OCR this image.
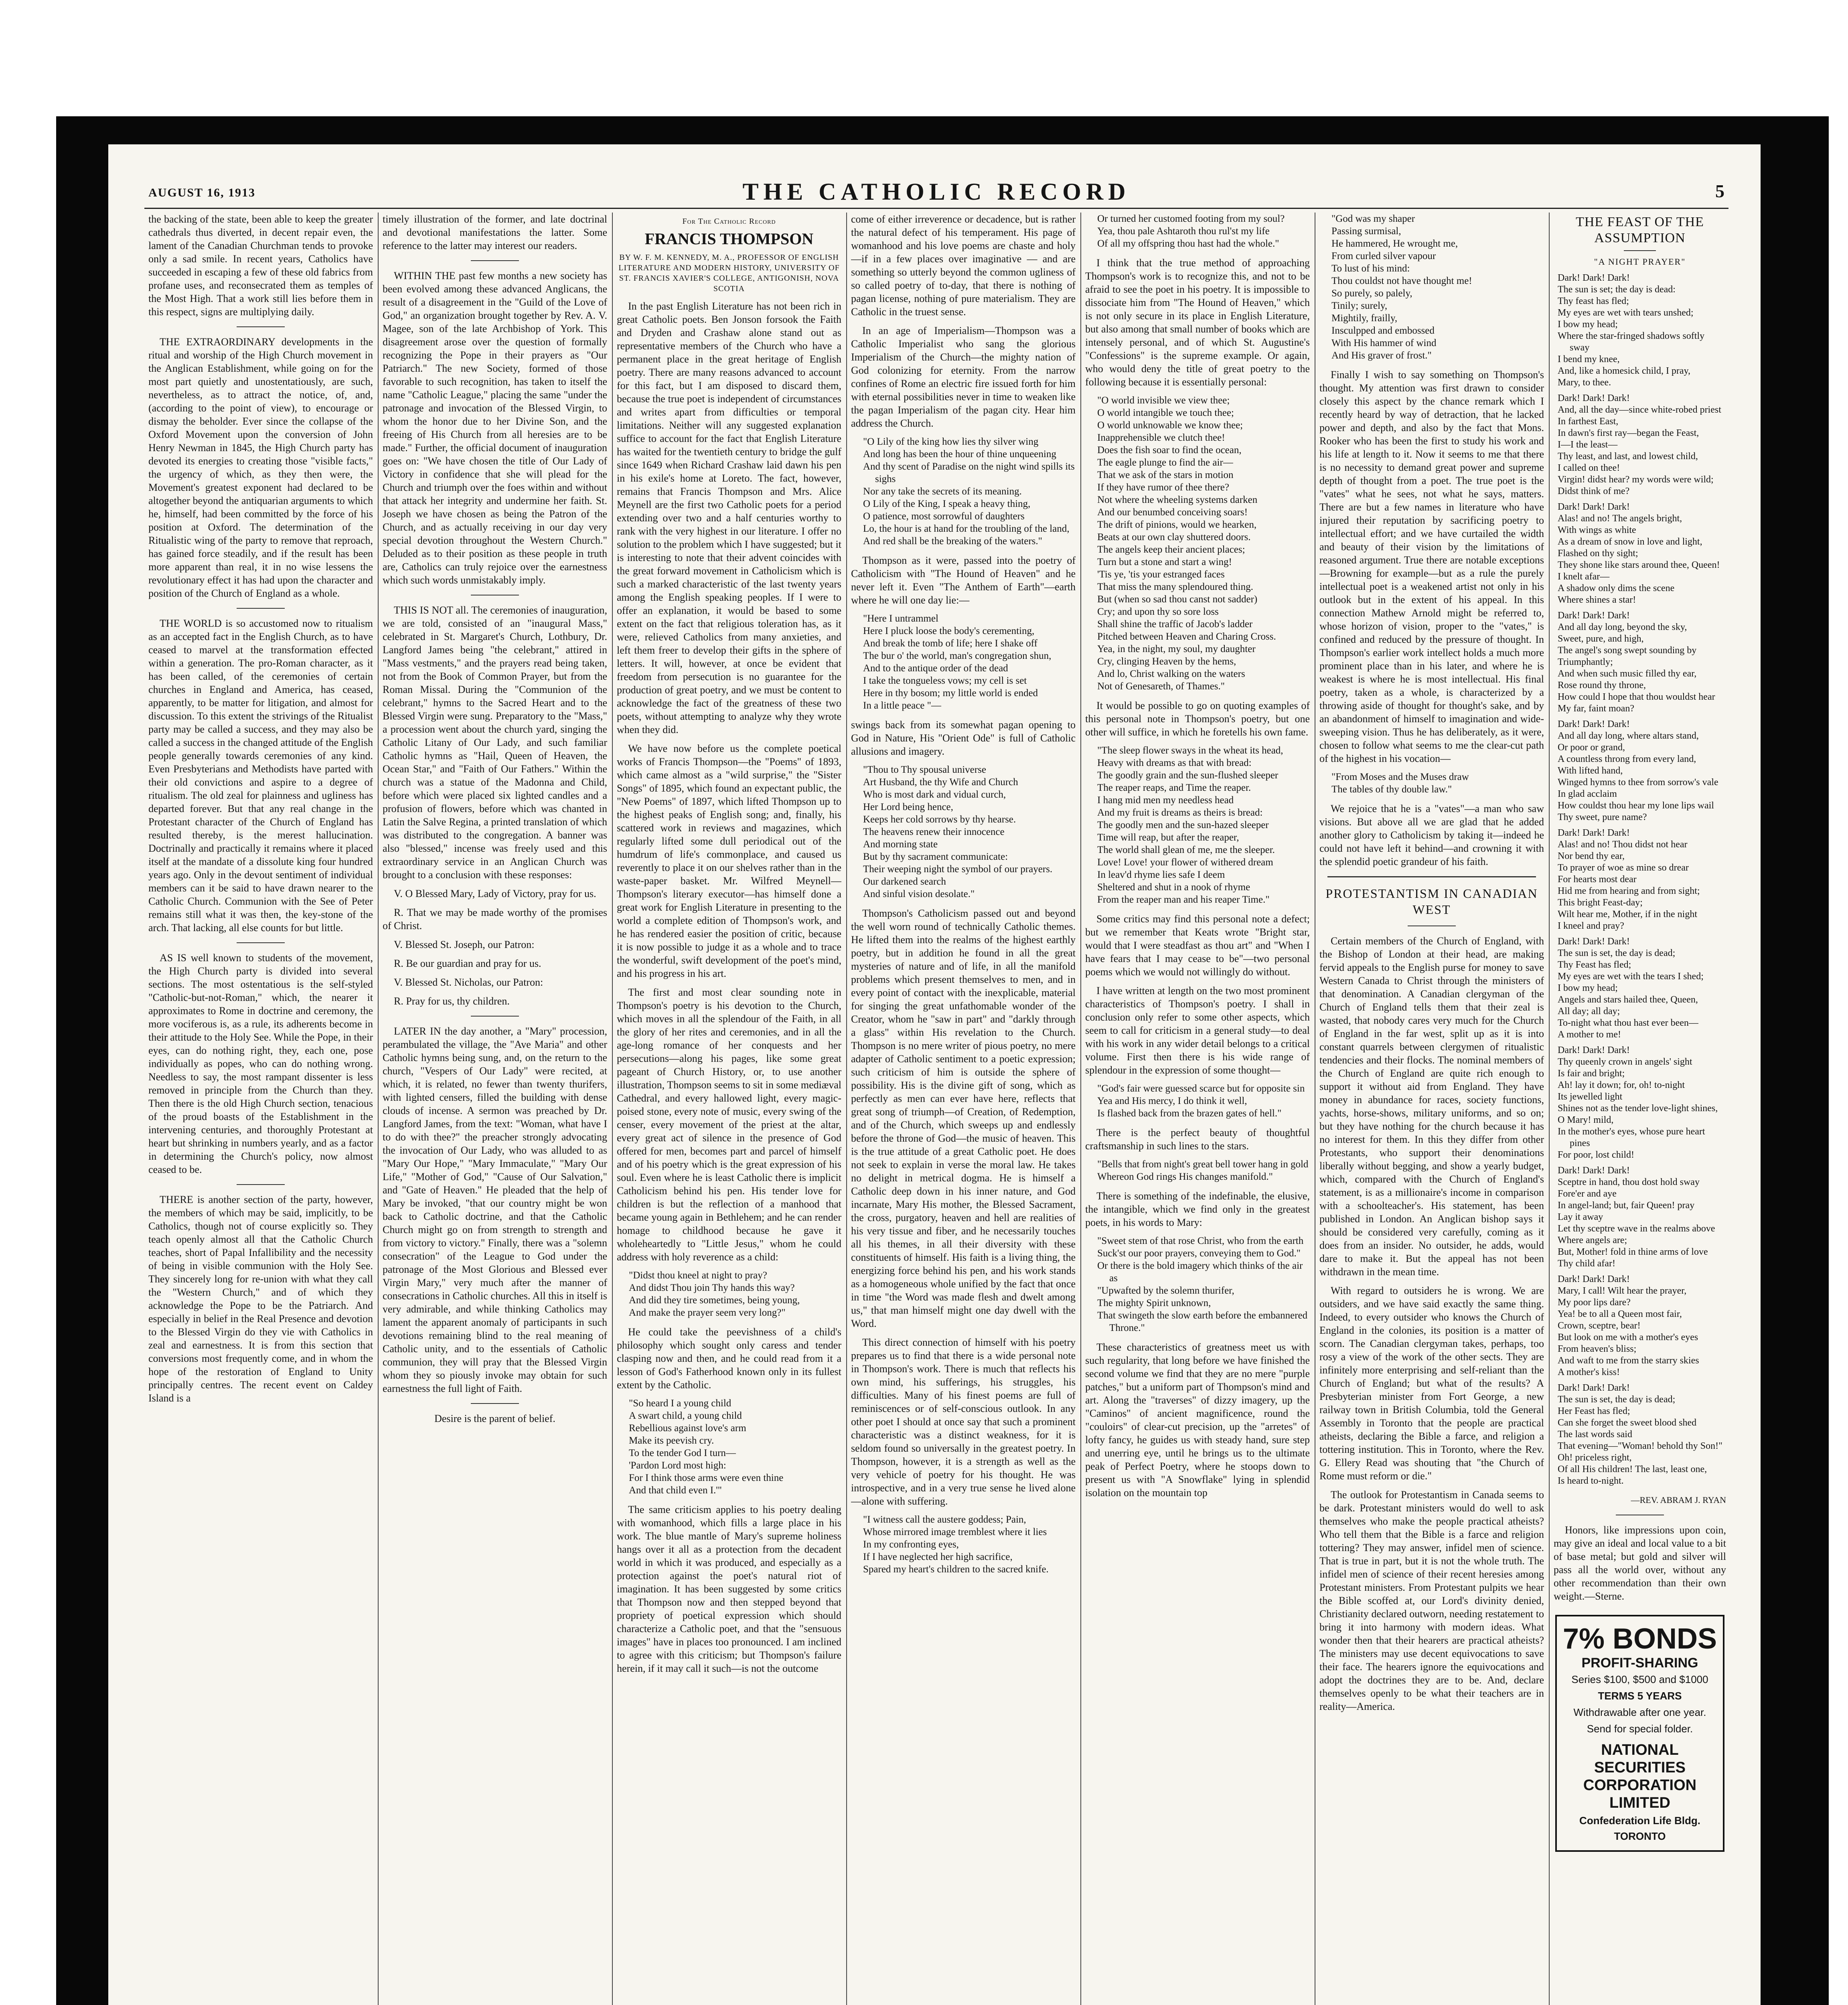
AUGUST 16, 1913	THE CATHOLIC RECORD	5

the backing of the state, been able to keep the greater cathedrals thus diverted, in decent repair even, the lament of the Canadian Churchman tends to provoke only a sad smile. In recent years, Catholics have succeeded in escaping a few of these old fabrics from profane uses, and reconsecrated them as temples of the Most High. That a work still lies before them in this respect, signs are multiplying daily.

THE EXTRAORDINARY developments in the ritual and worship of the High Church movement in the Anglican Establishment, while going on for the most part quietly and unostentatiously, are such, nevertheless, as to attract the notice, of, and, (according to the point of view), to encourage or dismay the beholder. Ever since the collapse of the Oxford Movement upon the conversion of John Henry Newman in 1845, the High Church party has devoted its energies to creating those "visible facts," the urgency of which, as they then were, the Movement's greatest exponent had declared to be altogether beyond the antiquarian arguments to which he, himself, had been committed by the force of his position at Oxford. The determination of the Ritualistic wing of the party to remove that reproach, has gained force steadily, and if the result has been more apparent than real, it in no wise lessens the revolutionary effect it has had upon the character and position of the Church of England as a whole.

THE WORLD is so accustomed now to ritualism as an accepted fact in the English Church, as to have ceased to marvel at the transformation effected within a generation. The pro-Roman character, as it has been called, of the ceremonies of certain churches in England and America, has ceased, apparently, to be matter for litigation, and almost for discussion. To this extent the strivings of the Ritualist party may be called a success, and they may also be called a success in the changed attitude of the English people generally towards ceremonies of any kind. Even Presbyterians and Methodists have parted with their old convictions and aspire to a degree of ritualism. The old zeal for plainness and ugliness has departed forever. But that any real change in the Protestant character of the Church of England has resulted thereby, is the merest hallucination. Doctrinally and practically it remains where it placed itself at the mandate of a dissolute king four hundred years ago. Only in the devout sentiment of individual members can it be said to have drawn nearer to the Catholic Church. Communion with the See of Peter remains still what it was then, the key-stone of the arch. That lacking, all else counts for but little.

AS IS well known to students of the movement, the High Church party is divided into several sections. The most ostentatious is the self-styled "Catholic-but-not-Roman," which, the nearer it approximates to Rome in doctrine and ceremony, the more vociferous is, as a rule, its adherents become in their attitude to the Holy See. While the Pope, in their eyes, can do nothing right, they, each one, pose individually as popes, who can do nothing wrong. Needless to say, the most rampant dissenter is less removed in principle from the Church than they. Then there is the old High Church section, tenacious of the proud boasts of the Establishment in the intervening centuries, and thoroughly Protestant at heart but shrinking in numbers yearly, and as a factor in determining the Church's policy, now almost ceased to be.

THERE is another section of the party, however, the members of which may be said, implicitly, to be Catholics, though not of course explicitly so. They teach openly almost all that the Catholic Church teaches, short of Papal Infallibility and the necessity of being in visible communion with the Holy See. They sincerely long for re-union with what they call the "Western Church," and of which they acknowledge the Pope to be the Patriarch. And especially in belief in the Real Presence and devotion to the Blessed Virgin do they vie with Catholics in zeal and earnestness. It is from this section that conversions most frequently come, and in whom the hope of the restoration of England to Unity principally centres. The recent event on Caldey Island is a

timely illustration of the former, and late doctrinal and devotional manifestations the latter. Some reference to the latter may interest our readers.

WITHIN THE past few months a new society has been evolved among these advanced Anglicans, the result of a disagreement in the "Guild of the Love of God," an organization brought together by Rev. A. V. Magee, son of the late Archbishop of York. This disagreement arose over the question of formally recognizing the Pope in their prayers as "Our Patriarch." The new Society, formed of those favorable to such recognition, has taken to itself the name "Catholic League," placing the same "under the patronage and invocation of the Blessed Virgin, to whom the honor due to her Divine Son, and the freeing of His Church from all heresies are to be made." Further, the official document of inauguration goes on: "We have chosen the title of Our Lady of Victory in confidence that she will plead for the Church and triumph over the foes within and without that attack her integrity and undermine her faith. St. Joseph we have chosen as being the Patron of the Church, and as actually receiving in our day very special devotion throughout the Western Church." Deluded as to their position as these people in truth are, Catholics can truly rejoice over the earnestness which such words unmistakably imply.

THIS IS NOT all. The ceremonies of inauguration, we are told, consisted of an "inaugural Mass," celebrated in St. Margaret's Church, Lothbury, Dr. Langford James being "the celebrant," attired in "Mass vestments," and the prayers read being taken, not from the Book of Common Prayer, but from the Roman Missal. During the "Communion of the celebrant," hymns to the Sacred Heart and to the Blessed Virgin were sung. Preparatory to the "Mass," a procession went about the church yard, singing the Catholic Litany of Our Lady, and such familiar Catholic hymns as "Hail, Queen of Heaven, the Ocean Star," and "Faith of Our Fathers." Within the church was a statue of the Madonna and Child, before which were placed six lighted candles and a profusion of flowers, before which was chanted in Latin the Salve Regina, a printed translation of which was distributed to the congregation. A banner was also "blessed," incense was freely used and this extraordinary service in an Anglican Church was brought to a conclusion with these responses:

V. O Blessed Mary, Lady of Victory, pray for us.

R. That we may be made worthy of the promises of Christ.

V. Blessed St. Joseph, our Patron:

R. Be our guardian and pray for us.

V. Blessed St. Nicholas, our Patron:

R. Pray for us, thy children.

LATER IN the day another, a "Mary" procession, perambulated the village, the "Ave Maria" and other Catholic hymns being sung, and, on the return to the church, "Vespers of Our Lady" were recited, at which, it is related, no fewer than twenty thurifers, with lighted censers, filled the building with dense clouds of incense. A sermon was preached by Dr. Langford James, from the text: "Woman, what have I to do with thee?" the preacher strongly advocating the invocation of Our Lady, who was alluded to as "Mary Our Hope," "Mary Immaculate," "Mary Our Life," "Mother of God," "Cause of Our Salvation," and "Gate of Heaven." He pleaded that the help of Mary be invoked, "that our country might be won back to Catholic doctrine, and that the Catholic Church might go on from strength to strength and from victory to victory." Finally, there was a "solemn consecration" of the League to God under the patronage of the Most Glorious and Blessed ever Virgin Mary," very much after the manner of consecrations in Catholic churches. All this in itself is very admirable, and while thinking Catholics may lament the apparent anomaly of participants in such devotions remaining blind to the real meaning of Catholic unity, and to the essentials of Catholic communion, they will pray that the Blessed Virgin whom they so piously invoke may obtain for such earnestness the full light of Faith.

Desire is the parent of belief.

For The Catholic Record
FRANCIS THOMPSON
BY W. F. M. KENNEDY, M. A., PROFESSOR OF ENGLISH LITERATURE AND MODERN HISTORY, UNIVERSITY OF ST. FRANCIS XAVIER'S COLLEGE, ANTIGONISH, NOVA SCOTIA

In the past English Literature has not been rich in great Catholic poets. Ben Jonson forsook the Faith and Dryden and Crashaw alone stand out as representative members of the Church who have a permanent place in the great heritage of English poetry. There are many reasons advanced to account for this fact, but I am disposed to discard them, because the true poet is independent of circumstances and writes apart from difficulties or temporal limitations. Neither will any suggested explanation suffice to account for the fact that English Literature has waited for the twentieth century to bridge the gulf since 1649 when Richard Crashaw laid dawn his pen in his exile's home at Loreto. The fact, however, remains that Francis Thompson and Mrs. Alice Meynell are the first two Catholic poets for a period extending over two and a half centuries worthy to rank with the very highest in our literature. I offer no solution to the problem which I have suggested; but it is interesting to note that their advent coincides with the great forward movement in Catholicism which is such a marked characteristic of the last twenty years among the English speaking peoples. If I were to offer an explanation, it would be based to some extent on the fact that religious toleration has, as it were, relieved Catholics from many anxieties, and left them freer to develop their gifts in the sphere of letters. It will, however, at once be evident that freedom from persecution is no guarantee for the production of great poetry, and we must be content to acknowledge the fact of the greatness of these two poets, without attempting to analyze why they wrote when they did.

We have now before us the complete poetical works of Francis Thompson—the "Poems" of 1893, which came almost as a "wild surprise," the "Sister Songs" of 1895, which found an expectant public, the "New Poems" of 1897, which lifted Thompson up to the highest peaks of English song; and, finally, his scattered work in reviews and magazines, which regularly lifted some dull periodical out of the humdrum of life's commonplace, and caused us reverently to place it on our shelves rather than in the waste-paper basket. Mr. Wilfred Meynell—Thompson's literary executor—has himself done a great work for English Literature in presenting to the world a complete edition of Thompson's work, and he has rendered easier the position of critic, because it is now possible to judge it as a whole and to trace the wonderful, swift development of the poet's mind, and his progress in his art.

The first and most clear sounding note in Thompson's poetry is his devotion to the Church, which moves in all the splendour of the Faith, in all the glory of her rites and ceremonies, and in all the age-long romance of her conquests and her persecutions—along his pages, like some great pageant of Church History, or, to use another illustration, Thompson seems to sit in some mediæval Cathedral, and every hallowed light, every magic-poised stone, every note of music, every swing of the censer, every movement of the priest at the altar, every great act of silence in the presence of God offered for men, becomes part and parcel of himself and of his poetry which is the great expression of his soul. Even where he is least Catholic there is implicit Catholicism behind his pen. His tender love for children is but the reflection of a manhood that became young again in Bethlehem; and he can render homage to childhood because he gave it wholeheartedly to "Little Jesus," whom he could address with holy reverence as a child:

"Didst thou kneel at night to pray?
And didst Thou join Thy hands this way?
And did they tire sometimes, being young,
And make the prayer seem very long?"

He could take the peevishness of a child's philosophy which sought only caress and tender clasping now and then, and he could read from it a lesson of God's Fatherhood known only in its fullest extent by the Catholic.

"So heard I a young child
A swart child, a young child
Rebellious against love's arm
Make its peevish cry.
To the tender God I turn—
'Pardon Lord most high:
For I think those arms were even thine
And that child even I.'"

The same criticism applies to his poetry dealing with womanhood, which fills a large place in his work. The blue mantle of Mary's supreme holiness hangs over it all as a protection from the decadent world in which it was produced, and especially as a protection against the poet's natural riot of imagination. It has been suggested by some critics that Thompson now and then stepped beyond that propriety of poetical expression which should characterize a Catholic poet, and that the "sensuous images" have in places too pronounced. I am inclined to agree with this criticism; but Thompson's failure herein, if it may call it such—is not the outcome

come of either irreverence or decadence, but is rather the natural defect of his temperament. His page of womanhood and his love poems are chaste and holy—if in a few places over imaginative — and are something so utterly beyond the common ugliness of so called poetry of to-day, that there is nothing of pagan license, nothing of pure materialism. They are Catholic in the truest sense.

In an age of Imperialism—Thompson was a Catholic Imperialist who sang the glorious Imperialism of the Church—the mighty nation of God colonizing for eternity. From the narrow confines of Rome an electric fire issued forth for him with eternal possibilities never in time to weaken like the pagan Imperialism of the pagan city. Hear him address the Church.

"O Lily of the king how lies thy silver wing
And long has been the hour of thine unqueening
And thy scent of Paradise on the night wind spills its sighs
Nor any take the secrets of its meaning.
O Lily of the King, I speak a heavy thing,
O patience, most sorrowful of daughters
Lo, the hour is at hand for the troubling of the land,
And red shall be the breaking of the waters."

Thompson as it were, passed into the poetry of Catholicism with "The Hound of Heaven" and he never left it. Even "The Anthem of Earth"—earth where he will one day lie:—

"Here I untrammel
Here I pluck loose the body's cerementing,
And break the tomb of life; here I shake off
The bur o' the world, man's congregation shun,
And to the antique order of the dead
I take the tongueless vows; my cell is set
Here in thy bosom; my little world is ended
In a little peace "—

swings back from its somewhat pagan opening to God in Nature, His "Orient Ode" is full of Catholic allusions and imagery.

"Thou to Thy spousal universe
Art Husband, the thy Wife and Church
Who is most dark and vidual curch,
Her Lord being hence,
Keeps her cold sorrows by thy hearse.
The heavens renew their innocence
And morning state
But by thy sacrament communicate:
Their weeping night the symbol of our prayers.
Our darkened search
And sinful vision desolate."

Thompson's Catholicism passed out and beyond the well worn round of technically Catholic themes. He lifted them into the realms of the highest earthly poetry, but in addition he found in all the great mysteries of nature and of life, in all the manifold problems which present themselves to men, and in every point of contact with the inexplicable, material for singing the great unfathomable wonder of the Creator, whom he "saw in part" and "darkly through a glass" within His revelation to the Church. Thompson is no mere writer of pious poetry, no mere adapter of Catholic sentiment to a poetic expression; such criticism of him is outside the sphere of possibility. His is the divine gift of song, which as perfectly as men can ever have here, reflects that great song of triumph—of Creation, of Redemption, and of the Church, which sweeps up and endlessly before the throne of God—the music of heaven. This is the true attitude of a great Catholic poet. He does not seek to explain in verse the moral law. He takes no delight in metrical dogma. He is himself a Catholic deep down in his inner nature, and God incarnate, Mary His mother, the Blessed Sacrament, the cross, purgatory, heaven and hell are realities of his very tissue and fiber, and he necessarily touches all his themes, in all their diversity with these constituents of himself. His faith is a living thing, the energizing force behind his pen, and his work stands as a homogeneous whole unified by the fact that once in time "the Word was made flesh and dwelt among us," that man himself might one day dwell with the Word.

This direct connection of himself with his poetry prepares us to find that there is a wide personal note in Thompson's work. There is much that reflects his own mind, his sufferings, his struggles, his difficulties. Many of his finest poems are full of reminiscences or of self-conscious outlook. In any other poet I should at once say that such a prominent characteristic was a distinct weakness, for it is seldom found so universally in the greatest poetry. In Thompson, however, it is a strength as well as the very vehicle of poetry for his thought. He was introspective, and in a very true sense he lived alone—alone with suffering.

"I witness call the austere goddess; Pain,
Whose mirrored image tremblest where it lies
In my confronting eyes,
If I have neglected her high sacrifice,
Spared my heart's children to the sacred knife.
Or turned her customed footing from my soul?
Yea, thou pale Ashtaroth thou rul'st my life
Of all my offspring thou hast had the whole."

I think that the true method of approaching Thompson's work is to recognize this, and not to be afraid to see the poet in his poetry. It is impossible to dissociate him from "The Hound of Heaven," which is not only secure in its place in English Literature, but also among that small number of books which are intensely personal, and of which St. Augustine's "Confessions" is the supreme example. Or again, who would deny the title of great poetry to the following because it is essentially personal:

"O world invisible we view thee;
O world intangible we touch thee;
O world unknowable we know thee;
Inapprehensible we clutch thee!
Does the fish soar to find the ocean,
The eagle plunge to find the air—
That we ask of the stars in motion
If they have rumor of thee there?
Not where the wheeling systems darken
And our benumbed conceiving soars!
The drift of pinions, would we hearken,
Beats at our own clay shuttered doors.
The angels keep their ancient places;
Turn but a stone and start a wing!
'Tis ye, 'tis your estranged faces
That miss the many splendoured thing.
But (when so sad thou canst not sadder)
Cry; and upon thy so sore loss
Shall shine the traffic of Jacob's ladder
Pitched between Heaven and Charing Cross.
Yea, in the night, my soul, my daughter
Cry, clinging Heaven by the hems,
And lo, Christ walking on the waters
Not of Genesareth, of Thames."

It would be possible to go on quoting examples of this personal note in Thompson's poetry, but one other will suffice, in which he foretells his own fame.

"The sleep flower sways in the wheat its head,
Heavy with dreams as that with bread:
The goodly grain and the sun-flushed sleeper
The reaper reaps, and Time the reaper.
I hang mid men my needless head
And my fruit is dreams as theirs is bread:
The goodly men and the sun-hazed sleeper
Time will reap, but after the reaper,
The world shall glean of me, me the sleeper.
Love! Love! your flower of withered dream
In leav'd rhyme lies safe I deem
Sheltered and shut in a nook of rhyme
From the reaper man and his reaper Time."

Some critics may find this personal note a defect; but we remember that Keats wrote "Bright star, would that I were steadfast as thou art" and "When I have fears that I may cease to be"—two personal poems which we would not willingly do without.

I have written at length on the two most prominent characteristics of Thompson's poetry. I shall in conclusion only refer to some other aspects, which seem to call for criticism in a general study—to deal with his work in any wider detail belongs to a critical volume. First then there is his wide range of splendour in the expression of some thought—

"God's fair were guessed scarce but for opposite sin
Yea and His mercy, I do think it well,
Is flashed back from the brazen gates of hell."

There is the perfect beauty of thoughtful craftsmanship in such lines to the stars.

"Bells that from night's great bell tower hang in gold
Whereon God rings His changes manifold."

There is something of the indefinable, the elusive, the intangible, which we find only in the greatest poets, in his words to Mary:

"Sweet stem of that rose Christ, who from the earth
Suck'st our poor prayers, conveying them to God."
Or there is the bold imagery which thinks of the air as
"Upwafted by the solemn thurifer,
The mighty Spirit unknown,
That swingeth the slow earth before the embannered Throne."

These characteristics of greatness meet us with such regularity, that long before we have finished the second volume we find that they are no mere "purple patches," but a uniform part of Thompson's mind and art. Along the "traverses" of dizzy imagery, up the "Caminos" of ancient magnificence, round the "couloirs" of clear-cut precision, up the "arretes" of lofty fancy, he guides us with steady hand, sure step and unerring eye, until he brings us to the ultimate peak of Perfect Poetry, where he stoops down to present us with "A Snowflake" lying in splendid isolation on the mountain top

"God was my shaper
Passing surmisal,
He hammered, He wrought me,
From curled silver vapour
To lust of his mind:
Thou couldst not have thought me!
So purely, so palely,
Tinily; surely,
Mightily, frailly,
Insculpped and embossed
With His hammer of wind
And His graver of frost."

Finally I wish to say something on Thompson's thought. My attention was first drawn to consider closely this aspect by the chance remark which I recently heard by way of detraction, that he lacked power and depth, and also by the fact that Mons. Rooker who has been the first to study his work and his life at length to it. Now it seems to me that there is no necessity to demand great power and supreme depth of thought from a poet. The true poet is the "vates" what he sees, not what he says, matters. There are but a few names in literature who have injured their reputation by sacrificing poetry to intellectual effort; and we have curtailed the width and beauty of their vision by the limitations of reasoned argument. True there are notable exceptions—Browning for example—but as a rule the purely intellectual poet is a weakened artist not only in his outlook but in the extent of his appeal. In this connection Mathew Arnold might be referred to, whose horizon of vision, proper to the "vates," is confined and reduced by the pressure of thought. In Thompson's earlier work intellect holds a much more prominent place than in his later, and where he is weakest is where he is most intellectual. His final poetry, taken as a whole, is characterized by a throwing aside of thought for thought's sake, and by an abandonment of himself to imagination and wide-sweeping vision. Thus he has deliberately, as it were, chosen to follow what seems to me the clear-cut path of the highest in his vocation—

"From Moses and the Muses draw
The tables of thy double law."

We rejoice that he is a "vates"—a man who saw visions. But above all we are glad that he added another glory to Catholicism by taking it—indeed he could not have left it behind—and crowning it with the splendid poetic grandeur of his faith.

PROTESTANTISM IN CANADIAN WEST

Certain members of the Church of England, with the Bishop of London at their head, are making fervid appeals to the English purse for money to save Western Canada to Christ through the ministers of that denomination. A Canadian clergyman of the Church of England tells them that their zeal is wasted, that nobody cares very much for the Church of England in the far west, split up as it is into constant quarrels between clergymen of ritualistic tendencies and their flocks. The nominal members of the Church of England are quite rich enough to support it without aid from England. They have money in abundance for races, society functions, yachts, horse-shows, military uniforms, and so on; but they have nothing for the church because it has no interest for them. In this they differ from other Protestants, who support their denominations liberally without begging, and show a yearly budget, which, compared with the Church of England's statement, is as a millionaire's income in comparison with a schoolteacher's. His statement, has been published in London. An Anglican bishop says it should be considered very carefully, coming as it does from an insider. No outsider, he adds, would dare to make it. But the appeal has not been withdrawn in the mean time.

With regard to outsiders he is wrong. We are outsiders, and we have said exactly the same thing. Indeed, to every outsider who knows the Church of England in the colonies, its position is a matter of scorn. The Canadian clergyman takes, perhaps, too rosy a view of the work of the other sects. They are infinitely more enterprising and self-reliant than the Church of England; but what of the results? A Presbyterian minister from Fort George, a new railway town in British Columbia, told the General Assembly in Toronto that the people are practical atheists, declaring the Bible a farce, and religion a tottering institution. This in Toronto, where the Rev. G. Ellery Read was shouting that "the Church of Rome must reform or die."

The outlook for Protestantism in Canada seems to be dark. Protestant ministers would do well to ask themselves who make the people practical atheists? Who tell them that the Bible is a farce and religion tottering? They may answer, infidel men of science. That is true in part, but it is not the whole truth. The infidel men of science of their recent heresies among Protestant ministers. From Protestant pulpits we hear the Bible scoffed at, our Lord's divinity denied, Christianity declared outworn, needing restatement to bring it into harmony with modern ideas. What wonder then that their hearers are practical atheists? The ministers may use decent equivocations to save their face. The hearers ignore the equivocations and adopt the doctrines they are to be. And, declare themselves openly to be what their teachers are in reality—America.

THE FEAST OF THE ASSUMPTION
"A NIGHT PRAYER"
Dark! Dark! Dark!
The sun is set; the day is dead:
Thy feast has fled;
My eyes are wet with tears unshed;
I bow my head;
Where the star-fringed shadows softly sway
I bend my knee,
And, like a homesick child, I pray,
Mary, to thee.
Dark! Dark! Dark!
And, all the day—since white-robed priest
In farthest East,
In dawn's first ray—began the Feast,
I—I the least—
Thy least, and last, and lowest child,
I called on thee!
Virgin! didst hear? my words were wild;
Didst think of me?
Dark! Dark! Dark!
Alas! and no! The angels bright,
With wings as white
As a dream of snow in love and light,
Flashed on thy sight;
They shone like stars around thee, Queen!
I knelt afar—
A shadow only dims the scene
Where shines a star!
Dark! Dark! Dark!
And all day long, beyond the sky,
Sweet, pure, and high,
The angel's song swept sounding by
Triumphantly;
And when such music filled thy ear,
Rose round thy throne,
How could I hope that thou wouldst hear
My far, faint moan?
Dark! Dark! Dark!
And all day long, where altars stand,
Or poor or grand,
A countless throng from every land,
With lifted hand,
Winged hymns to thee from sorrow's vale
In glad acclaim
How couldst thou hear my lone lips wail
Thy sweet, pure name?
Dark! Dark! Dark!
Alas! and no! Thou didst not hear
Nor bend thy ear,
To prayer of woe as mine so drear
For hearts most dear
Hid me from hearing and from sight;
This bright Feast-day;
Wilt hear me, Mother, if in the night
I kneel and pray?
Dark! Dark! Dark!
The sun is set, the day is dead;
Thy Feast has fled;
My eyes are wet with the tears I shed;
I bow my head;
Angels and stars hailed thee, Queen,
All day; all day;
To-night what thou hast ever been—
A mother to me!
Dark! Dark! Dark!
Thy queenly crown in angels' sight
Is fair and bright;
Ah! lay it down; for, oh! to-night
Its jewelled light
Shines not as the tender love-light shines,
O Mary! mild,
In the mother's eyes, whose pure heart pines
For poor, lost child!
Dark! Dark! Dark!
Sceptre in hand, thou dost hold sway
Fore'er and aye
In angel-land; but, fair Queen! pray
Lay it away
Let thy sceptre wave in the realms above
Where angels are;
But, Mother! fold in thine arms of love
Thy child afar!
Dark! Dark! Dark!
Mary, I call! Wilt hear the prayer,
My poor lips dare?
Yea! be to all a Queen most fair,
Crown, sceptre, bear!
But look on me with a mother's eyes
From heaven's bliss;
And waft to me from the starry skies
A mother's kiss!
Dark! Dark! Dark!
The sun is set, the day is dead;
Her Feast has fled;
Can she forget the sweet blood shed
The last words said
That evening—"Woman! behold thy Son!"
Oh! priceless right,
Of all His children! The last, least one,
Is heard to-night.
—REV. ABRAM J. RYAN

Honors, like impressions upon coin, may give an ideal and local value to a bit of base metal; but gold and silver will pass all the world over, without any other recommendation than their own weight.—Sterne.

7% BONDS
PROFIT-SHARING
Series $100, $500 and $1000
TERMS 5 YEARS
Withdrawable after one year.
Send for special folder.
NATIONAL SECURITIES CORPORATION LIMITED
Confederation Life Bldg.
TORONTO
